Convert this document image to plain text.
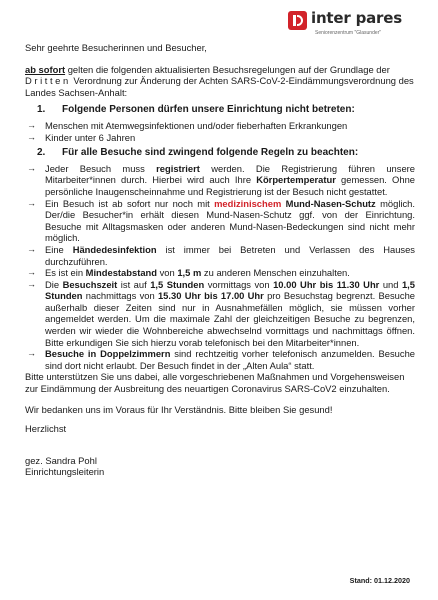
inter pares
Seniorenzentrum "Glasunder"

Sehr geehrte Besucherinnen und Besucher,

ab sofort gelten die folgenden aktualisierten Besuchsregelungen auf der Grundlage der Dritten Verordnung zur Änderung der Achten SARS-CoV-2-Eindämmungsverordnung des Landes Sachsen-Anhalt:

1.	Folgende Personen dürfen unsere Einrichtung nicht betreten:
→ Menschen mit Atemwegsinfektionen und/oder fieberhaften Erkrankungen
→ Kinder unter 6 Jahren
2.	Für alle Besuche sind zwingend folgende Regeln zu beachten:
→ Jeder Besuch muss registriert werden. Die Registrierung führen unsere Mitarbeiter*innen durch. Hierbei wird auch Ihre Körpertemperatur gemessen. Ohne persönliche Inaugenscheinnahme und Registrierung ist der Besuch nicht gestattet.
→ Ein Besuch ist ab sofort nur noch mit medizinischem Mund-Nasen-Schutz möglich. Der/die Besucher*in erhält diesen Mund-Nasen-Schutz ggf. von der Einrichtung. Besuche mit Alltagsmasken oder anderen Mund-Nasen-Bedeckungen sind nicht mehr möglich.
→ Eine Händedesinfektion ist immer bei Betreten und Verlassen des Hauses durchzuführen.
→ Es ist ein Mindestabstand von 1,5 m zu anderen Menschen einzuhalten.
→ Die Besuchszeit ist auf 1,5 Stunden vormittags von 10.00 Uhr bis 11.30 Uhr und 1,5 Stunden nachmittags von 15.30 Uhr bis 17.00 Uhr pro Besuchstag begrenzt. Besuche außerhalb dieser Zeiten sind nur in Ausnahmefällen möglich, sie müssen vorher angemeldet werden. Um die maximale Zahl der gleichzeitigen Besuche zu begrenzen, werden wir wieder die Wohnbereiche abwechselnd vormittags und nachmittags öffnen. Bitte erkundigen Sie sich hierzu vorab telefonisch bei den Mitarbeiter*innen.
→ Besuche in Doppelzimmern sind rechtzeitig vorher telefonisch anzumelden. Besuche sind dort nicht erlaubt. Der Besuch findet in der „Alten Aula“ statt.

Bitte unterstützen Sie uns dabei, alle vorgeschriebenen Maßnahmen und Vorgehensweisen zur Eindämmung der Ausbreitung des neuartigen Coronavirus SARS-CoV2 einzuhalten.

Wir bedanken uns im Voraus für Ihr Verständnis. Bitte bleiben Sie gesund!

Herzlichst

gez. Sandra Pohl

Einrichtungsleiterin

Stand: 01.12.2020
